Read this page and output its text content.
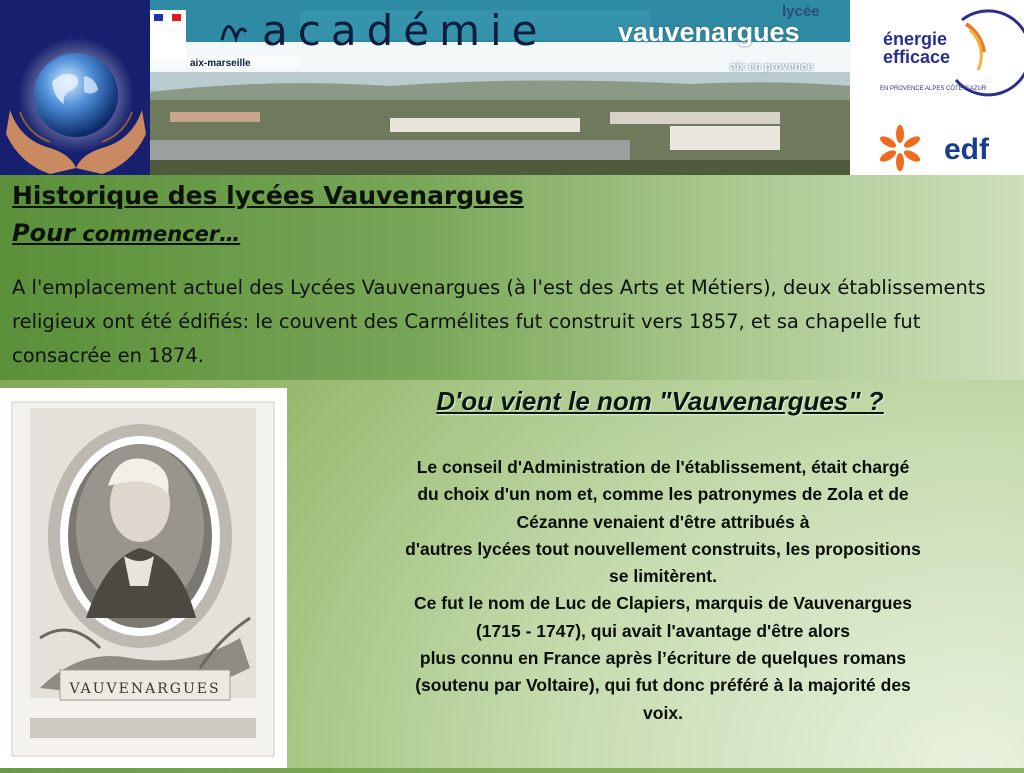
académie
aix-marseille
lycée
vauvenargues
aix en provence
énergie
efficace
EN PROVENCE ALPES CÔTE D'AZUR
edf
Historique des lycées Vauvenargues
Pour commencer…

A l'emplacement actuel des Lycées Vauvenargues (à l'est des Arts et Métiers), deux établissements religieux ont été édifiés: le couvent des Carmélites fut construit vers 1857, et sa chapelle fut consacrée en 1874.

VAUVENARGUES
D'ou vient le nom "Vauvenargues" ?
Le conseil d'Administration de l'établissement, était chargé
du choix d'un nom et, comme les patronymes de Zola et de
Cézanne venaient d'être attribués à
d'autres lycées tout nouvellement construits, les propositions
se limitèrent.
Ce fut le nom de Luc de Clapiers, marquis de Vauvenargues
(1715 - 1747), qui avait l'avantage d'être alors
plus connu en France après l’écriture de quelques romans
(soutenu par Voltaire), qui fut donc préféré à la majorité des
voix.
